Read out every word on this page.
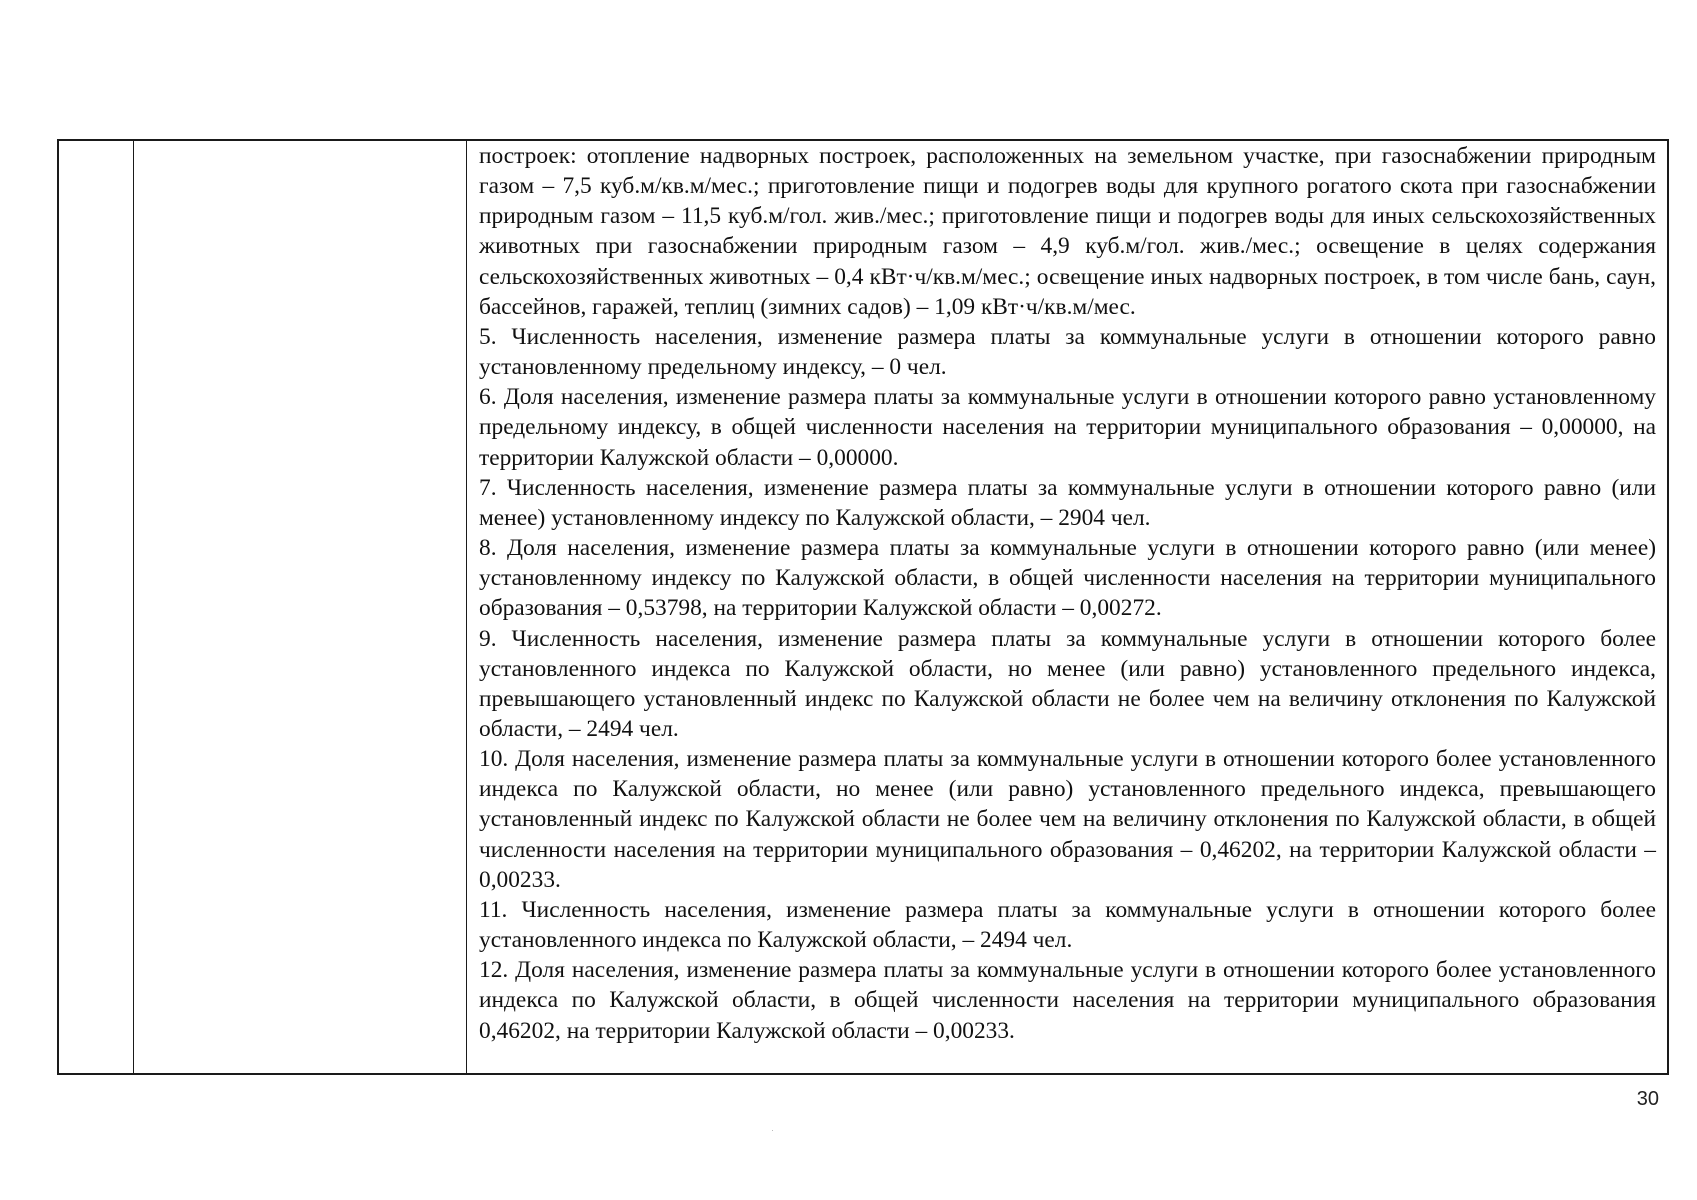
построек: отопление надворных построек, расположенных на земельном участке, при газоснабжении природным газом – 7,5 куб.м/кв.м/мес.; приготовление пищи и подогрев воды для крупного рогатого скота при газоснабжении природным газом – 11,5 куб.м/гол. жив./мес.; приготовление пищи и подогрев воды для иных сельскохозяйственных животных при газоснабжении природным газом – 4,9 куб.м/гол. жив./мес.; освещение в целях содержания сельскохозяйственных животных – 0,4 кВт·ч/кв.м/мес.; освещение иных надворных построек, в том числе бань, саун, бассейнов, гаражей, теплиц (зимних садов) – 1,09 кВт·ч/кв.м/мес.

5. Численность населения, изменение размера платы за коммунальные услуги в отношении которого равно установленному предельному индексу, – 0 чел.

6. Доля населения, изменение размера платы за коммунальные услуги в отношении которого равно установленному предельному индексу, в общей численности населения на территории муниципального образования – 0,00000, на территории Калужской области – 0,00000.

7. Численность населения, изменение размера платы за коммунальные услуги в отношении которого равно (или менее) установленному индексу по Калужской области, – 2904 чел.

8. Доля населения, изменение размера платы за коммунальные услуги в отношении которого равно (или менее) установленному индексу по Калужской области, в общей численности населения на территории муниципального образования – 0,53798, на территории Калужской области – 0,00272.

9. Численность населения, изменение размера платы за коммунальные услуги в отношении которого более установленного индекса по Калужской области, но менее (или равно) установленного предельного индекса, превышающего установленный индекс по Калужской области не более чем на величину отклонения по Калужской области, – 2494 чел.

10. Доля населения, изменение размера платы за коммунальные услуги в отношении которого более установленного индекса по Калужской области, но менее (или равно) установленного предельного индекса, превышающего установленный индекс по Калужской области не более чем на величину отклонения по Калужской области, в общей численности населения на территории муниципального образования – 0,46202, на территории Калужской области – 0,00233.

11. Численность населения, изменение размера платы за коммунальные услуги в отношении которого более установленного индекса по Калужской области, – 2494 чел.

12. Доля населения, изменение размера платы за коммунальные услуги в отношении которого более установленного индекса по Калужской области, в общей численности населения на территории муниципального образования 0,46202, на территории Калужской области – 0,00233.

30
